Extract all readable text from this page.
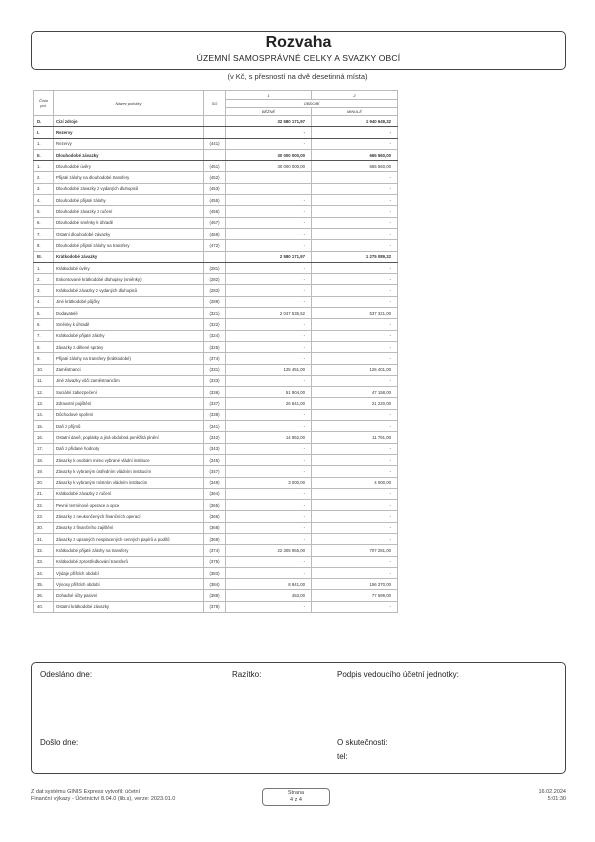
Rozvaha
ÚZEMNÍ SAMOSPRÁVNÉ CELKY A SVAZKY OBCÍ
(v Kč, s přesností na dvě desetinná místa)
Číslo pol.	Název položky	SÚ	1	2
			OBDOBÍ	
			BĚŽNÉ	MINULÉ
D.	Cizí zdroje		32 580 171,97	1 940 649,32
I.	Rezervy		-	-
1.	Rezervy	(441)	-	-
II.	Dlouhodobé závazky		30 000 000,00	665 560,00
1.	Dlouhodobé úvěry	(451)	30 000 000,00	665 560,00
2.	Přijaté zálohy na dlouhodobé transfery	(452)		-
3.	Dlouhodobé závazky z vydaných dluhopisů	(453)		-
4.	Dlouhodobé přijaté zálohy	(455)	-	-
5.	Dlouhodobé závazky z ručení	(456)	-	-
6.	Dlouhodobé směnky k úhradě	(457)	-	-
7.	Ostatní dlouhodobé závazky	(459)	-	-
8.	Dlouhodobé přijaté zálohy na transfery	(472)	-	-
III.	Krátkodobé závazky		2 580 171,97	1 275 089,32
1.	Krátkodobé úvěry	(281)	-	-
2.	Eskontované krátkodobé dluhopisy (směnky)	(282)	-	-
3.	Krátkodobé závazky z vydaných dluhopisů	(283)	-	-
4.	Jiné krátkodobé půjčky	(289)	-	-
5.	Dodavatelé	(321)	2 047 535,52	537 321,00
6.	Směnky k úhradě	(322)	-	-
7.	Krátkodobé přijaté zálohy	(324)	-	-
8.	Závazky z dělené správy	(325)	-	-
9.	Přijaté zálohy na transfery (krátkodobé)	(374)	-	-
10.	Zaměstnanci	(331)	125 451,00	126 401,00
11.	Jiné závazky vůči zaměstnancům	(333)	-	-
12.	Sociální zabezpečení	(336)	51 904,00	47 158,00
13.	Zdravotní pojištění	(337)	26 841,00	21 220,00
14.	Důchodové spoření	(338)	-	-
15.	Daň z příjmů	(341)	-	-
16.	Ostatní daně, poplatky a jiná obdobná peněžitá plnění	(342)	14 852,00	11 791,00
17.	Daň z přidané hodnoty	(343)	-	-
18.	Závazky k osobám mimo vybrané vládní instituce	(345)	-	-
19.	Závazky k vybraným ústředním vládním institucím	(347)	-	-
20.	Závazky k vybraným místním vládním institucím	(349)	3 000,00	4 000,00
21.	Krátkodobé závazky z ručení	(364)	-	-
22.	Pevné termínové operace a opce	(365)	-	-
23.	Závazky z neukončených finančních operací	(366)	-	-
30.	Závazky z finančního zajištění	(368)	-	-
31.	Závazky z upsaných nesplacených cenných papírů a podílů	(369)	-	-
32.	Krátkodobé přijaté zálohy na transfery	(374)	22 305 955,00	707 281,00
33.	Krátkodobé zprostředkování transferů	(375)	-	-
34.	Výdaje příštích období	(383)	-	-
35.	Výnosy příštích období	(384)	8 841,00	156 370,00
36.	Dohadné účty pasivní	(389)	453,00	77 599,00
40.	Ostatní krátkodobé závazky	(378)	-	-
Odesláno dne:	Razítko:	Podpis vedoucího účetní jednotky:
Došlo dne:	O skutečnosti:
tel:
Z dat systému GINIS Express vytvořil: účetní
Finanční výkazy - Účetnictví 8.04.0 (lib.s), verze: 2023.01.0
Strana
4 z 4
16.02.2024
5:01:30
